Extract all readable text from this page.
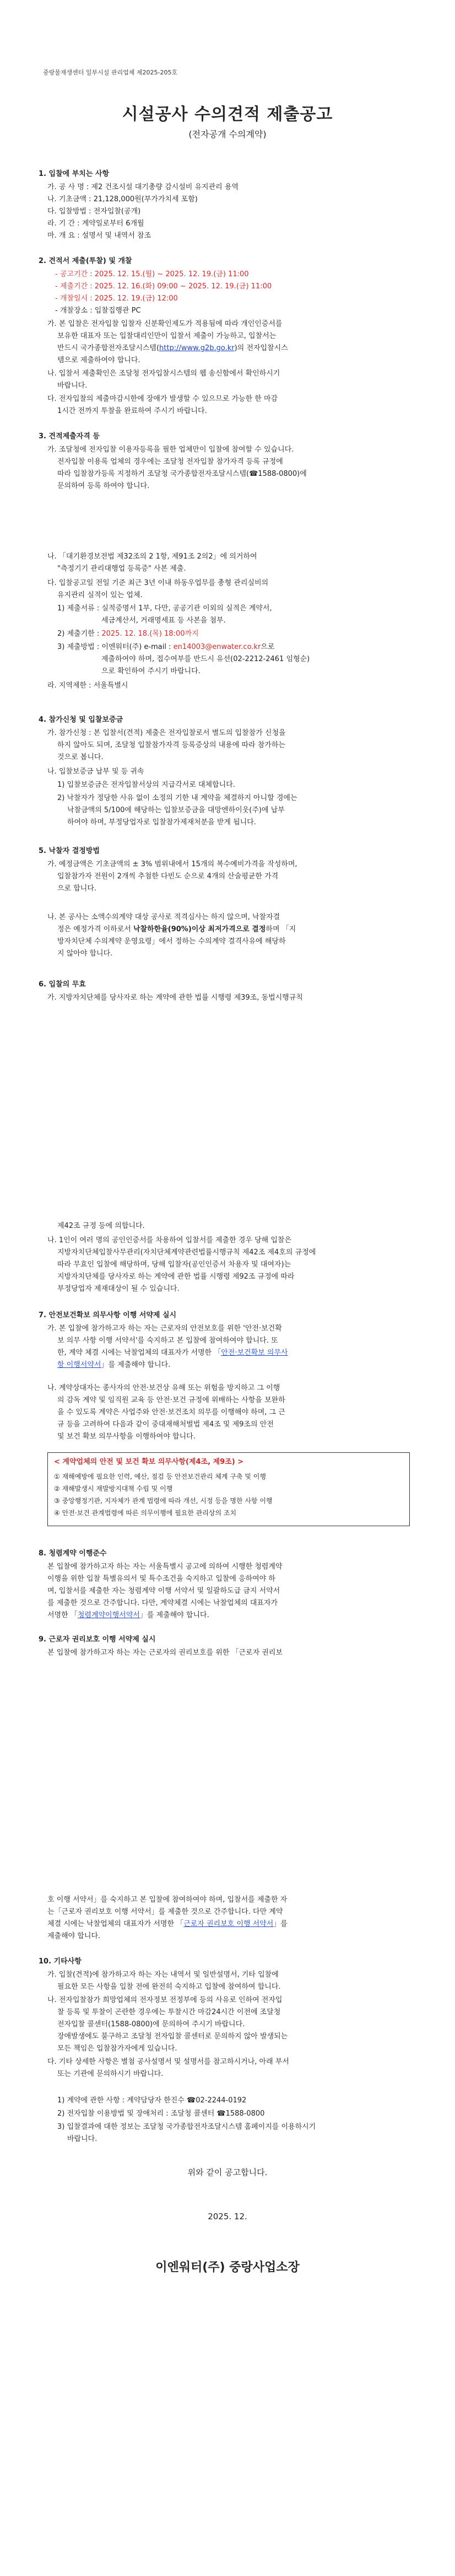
중랑물재생센터 일부시설 관리업체 제2025-205호
시설공사 수의견적 제출공고
(전자공개 수의계약)
1. 입찰에 부치는 사항
가. 공 사 명 : 제2 건조시설 대기총량 감시설비 유지관리 용역
나. 기초금액 : 21,128,000원(부가가치세 포함)
다. 입찰방법 : 전자입찰(공개)
라. 기 간 : 계약일로부터 6개월
마. 개 요 : 설명서 및 내역서 참조
2. 견적서 제출(투찰) 및 개찰
- 공고기간 : 2025. 12. 15.(월) ~ 2025. 12. 19.(금) 11:00
- 제출기간 : 2025. 12. 16.(화) 09:00 ~ 2025. 12. 19.(금) 11:00
- 개찰일시 : 2025. 12. 19.(금) 12:00
- 개찰장소 : 입찰집행관 PC
가. 본 입찰은 전자입찰 입찰자 신분확인제도가 적용됨에 따라 개인인증서를
보유한 대표자 또는 입찰대리인만이 입찰서 제출이 가능하고, 입찰서는
반드시 국가종합전자조달시스템(http://www.g2b.go.kr)의 전자입찰시스
템으로 제출하여야 합니다.
나. 입찰서 제출확인은 조달청 전자입찰시스템의 웹 송신함에서 확인하시기
바랍니다.
다. 전자입찰의 제출마감시한에 장애가 발생할 수 있으므로 가능한 한 마감
1시간 전까지 투찰을 완료하여 주시기 바랍니다.
3. 견적제출자격 등
가. 조달청에 전자입찰 이용자등록을 필한 업체만이 입찰에 참여할 수 있습니다.
전자입찰 이용록 업체의 경우에는 조달청 전자입찰 참가자격 등록 규정에
따라 입찰참가등록 지정하거 조달청 국가종합전자조달시스템(☎1588-0800)에
문의하여 등록 하여야 합니다.
나. 「대기환경보전법 제32조의 2 1항, 제91조 2의2」에 의거하여
"측정기기 관리대행업 등록증" 사본 제출.
다. 입찰공고일 전일 기준 최근 3년 이내 하동우업무를 총형 관리실비의
유지관리 실적이 있는 업체.
1) 제출서류 : 실적증명서 1부, 다만, 공공기관 이외의 실적은 계약서,
세금계산서, 거래명세표 등 사본을 첨부.
2) 제출기한 : 2025. 12. 18.(목) 18:00까지
3) 제출방법 : 이엔워터(주) e-mail : en14003@enwater.co.kr으로
제출하여야 하며, 접수여부를 반드시 유선(02-2212-2461 임형순)
으로 확인하여 주시기 바랍니다.
라. 지역제한 : 서울특별시
4. 참가신청 및 입찰보증금
가. 참가신청 : 본 입찰서(견적) 제출은 전자입찰로서 별도의 입찰참가 신청을
하지 않아도 되며, 조달청 입찰참가자격 등록증상의 내용에 따라 참가하는
것으로 봅니다.
나. 입찰보증금 납부 및 등 귀속
1) 입찰보증금은 전자입찰서상의 지급각서로 대체합니다.
2) 낙찰자가 정당한 사유 없이 소정의 기한 내 계약을 체결하지 아니할 경에는
낙찰금액의 5/100에 해당하는 입찰보증금을 대망엔하이웃(주)에 납부
하여야 하며, 부정당업자로 입찰참가제재처분을 받게 됩니다.
5. 낙찰자 결정방법
가. 예정금액은 기초금액의 ± 3% 범위내에서 15개의 복수예비가격을 작성하며,
입찰참가자 전원이 2개씩 추첨한 다빈도 순으로 4개의 산술평균한 가격
으로 합니다.
나. 본 공사는 소액수의계약 대상 공사로 적격심사는 하지 않으며, 낙찰자결
정은 예정가격 이하로서 낙찰하한율(90%)이상 최저가격으로 결정하며 「지
방자치단체 수의계약 운영요령」에서 정하는 수의계약 결격사유에 해당하
지 않아야 합니다.
6. 입찰의 무효
가. 지방자치단체를 당사자로 하는 계약에 관한 법률 시행령 제39조, 동법시행규칙
제42조 규정 등에 의합니다.
나. 1인이 여러 명의 공인인증서를 차용하여 입찰서를 제출한 경우 당해 입찰은
지방자치단체입찰사무관리(자치단체계약관련법률시행규칙 제42조 제4호의 규정에
따라 무효인 입찰에 해당하며, 당해 입찰자(공인인증서 차용자 및 대여자)는
지방자치단체를 당사자로 하는 계약에 관한 법률 시행령 제92조 규정에 따라
부정당업자 제재대상이 될 수 있습니다.
7. 안전보건확보 의무사항 이행 서약제 실시
가. 본 입찰에 참가하고자 하는 자는 근로자의 안전보호를 위한 '안전·보건확
보 의무 사항 이행 서약서'를 숙지하고 본 입찰에 참여하여야 합니다. 또
한, 계약 체결 시에는 낙찰업체의 대표자가 서명한 「안전·보건확보 의무사
항 이행서약서」를 제출해야 합니다.
나. 계약상대자는 종사자의 안전·보건상 유해 또는 위험을 방지하고 그 이행
의 감독 계약 및 임직원 교육 등 안전·보건 규정에 위배하는 사항을 보완하
을 수 있도록 계약은 사업주와 안전·보건조치 의무를 이행해야 하며, 그 근
규 등을 고려하여 다음과 같이 중대재해처벌법 제4조 및 제9조의 안전
및 보건 확보 의무사항을 이행하여야 합니다.
< 계약업체의 안전 및 보건 확보 의무사항(제4조, 제9조) >
① 재해예방에 필요한 인력, 예산, 점검 등 안전보건관리 체계 구축 및 이행
② 재해발생시 재발방지대책 수립 및 이행
③ 중앙행정기관, 지자체가 관계 법령에 따라 개선, 시정 등을 명한 사항 이행
④ 안전·보건 관계법령에 따른 의무이행에 필요한 관리상의 조치
8. 청렴계약 이행준수
본 입찰에 참가하고자 하는 자는 서울특별시 공고에 의하여 시행한 청렴계약
이행을 위한 입찰 특별유의서 및 특수조건을 숙지하고 입찰에 응하여야 하
며, 입찰서를 제출한 자는 청렴계약 이행 서약서 및 일괄하도급 금지 서약서
를 제출한 것으로 간주합니다. 다만, 계약체결 시에는 낙찰업체의 대표자가
서명한 「청렴계약이행서약서」를 제출해야 합니다.
9. 근로자 권리보호 이행 서약제 실시
본 입찰에 참가하고자 하는 자는 근로자의 권리보호를 위한 「근로자 권리보
호 이행 서약서」를 숙지하고 본 입찰에 참여하여야 하며, 입찰서를 제출한 자
는「근로자 권리보호 이행 서약서」를 제출한 것으로 간주합니다. 다만 계약
체결 시에는 낙찰업체의 대표자가 서명한 「근로자 권리보호 이행 서약서」를
제출해야 합니다.
10. 기타사항
가. 입찰(견적)에 참가하고자 하는 자는 내역서 및 일반설명서, 기타 입찰에
필요한 모든 사항을 입찰 전에 완전히 숙지하고 입찰에 참여하여 합니다.
나. 전자입찰참가 희망업체의 전자정보 전정부에 등의 사유로 인하여 전자입
찰 등록 및 투찰이 곤란한 경우에는 투찰시간 마감24시간 이전에 조달청
전자입찰 콜센터(1588-0800)에 문의하여 주시기 바랍니다.
장애발생에도 불구하고 조달청 전자입찰 콜센터로 문의하지 않아 발생되는
모든 책임은 입찰참가자에게 있습니다.
다. 기타 상세한 사항은 별첨 공사설명서 및 설명서를 참고하시거나, 아래 부서
또는 기관에 문의하시기 바랍니다.
1) 계약에 관한 사항 : 계약담당자 한진수 ☎02-2244-0192
2) 전자입찰 이용방법 및 장애처리 : 조달청 콜센터 ☎1588-0800
3) 입찰결과에 대한 정보는 조달청 국가종합전자조달시스템 홈페이지를 이용하시기
바랍니다.
위와 같이 공고합니다.
2025. 12.
이엔워터(주) 중랑사업소장
